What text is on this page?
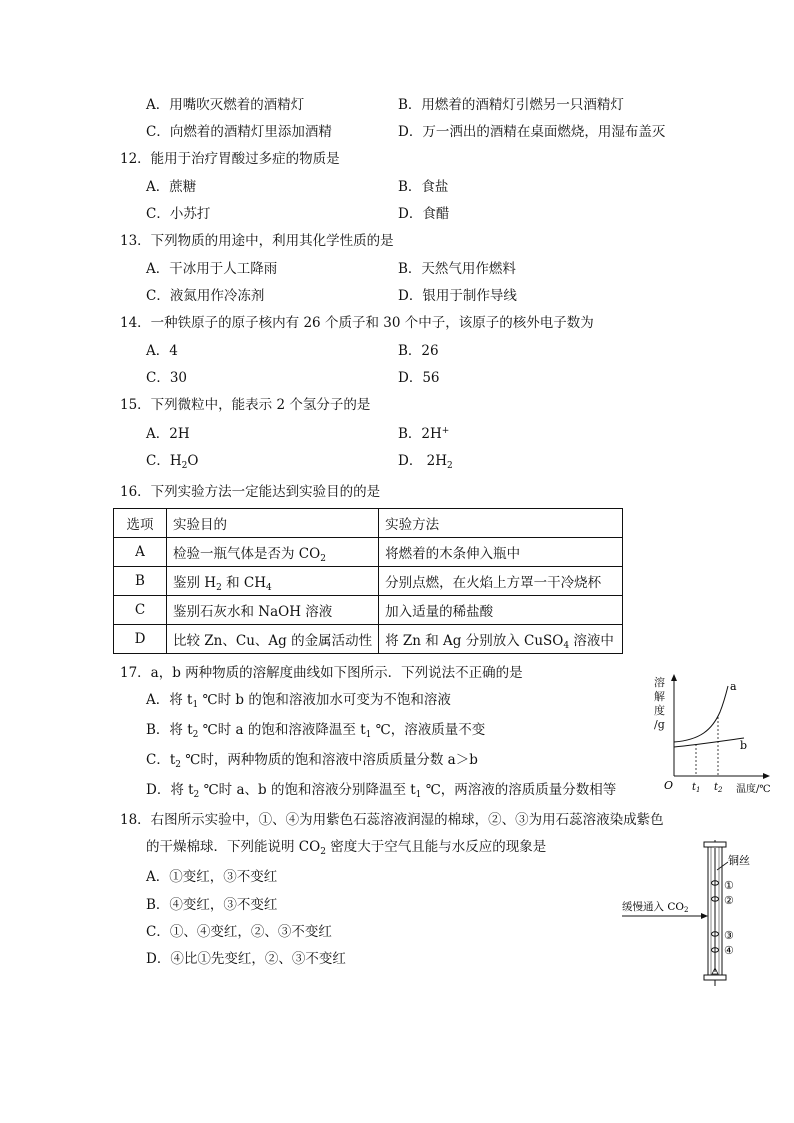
A．用嘴吹灭燃着的酒精灯	B．用燃着的酒精灯引燃另一只酒精灯
C．向燃着的酒精灯里添加酒精	D．万一洒出的酒精在桌面燃烧，用湿布盖灭
12．能用于治疗胃酸过多症的物质是
A．蔗糖	B．食盐
C．小苏打	D．食醋
13．下列物质的用途中，利用其化学性质的是
A．干冰用于人工降雨	B．天然气用作燃料
C．液氮用作冷冻剂	D．银用于制作导线
14．一种铁原子的原子核内有 26 个质子和 30 个中子，该原子的核外电子数为
A．4	B．26
C．30	D．56
15．下列微粒中，能表示 2 个氢分子的是
A．2H	B．2H+
C．$H_2O$	D． $2H_2$
16．下列实验方法一定能达到实验目的的是
选项	实验目的	实验方法
A	检验一瓶气体是否为 $CO_2$	将燃着的木条伸入瓶中
B	鉴别 $H_2$ 和 $CH_4$	分别点燃，在火焰上方罩一干冷烧杯
C	鉴别石灰水和 NaOH 溶液	加入适量的稀盐酸
D	比较 Zn、Cu、Ag 的金属活动性	将 Zn 和 Ag 分别放入 CuSO$_4$ 溶液中
17．a，b 两种物质的溶解度曲线如下图所示．下列说法不正确的是
A．将 $t_1$ ℃时 b 的饱和溶液加水可变为不饱和溶液
B．将 $t_2$ ℃时 a 的饱和溶液降温至 $t_1$ ℃，溶液质量不变
C．$t_2$ ℃时，两种物质的饱和溶液中溶质质量分数 a＞b
D．将 $t_2$ ℃时 a、b 的饱和溶液分别降温至 $t_1$ ℃，两溶液的溶质质量分数相等
溶
解
度
/g
a
b
O $t_1$ $t_2$ 温度/℃
18．右图所示实验中，①、④为用紫色石蕊溶液润湿的棉球，②、③为用石蕊溶液染成紫色
的干燥棉球．下列能说明 $CO_2$ 密度大于空气且能与水反应的现象是
A．①变红，③不变红
B．④变红，③不变红
C．①、④变红，②、③不变红
D．④比①先变红，②、③不变红
铜丝
①
②
③
④
缓慢通入 CO2
